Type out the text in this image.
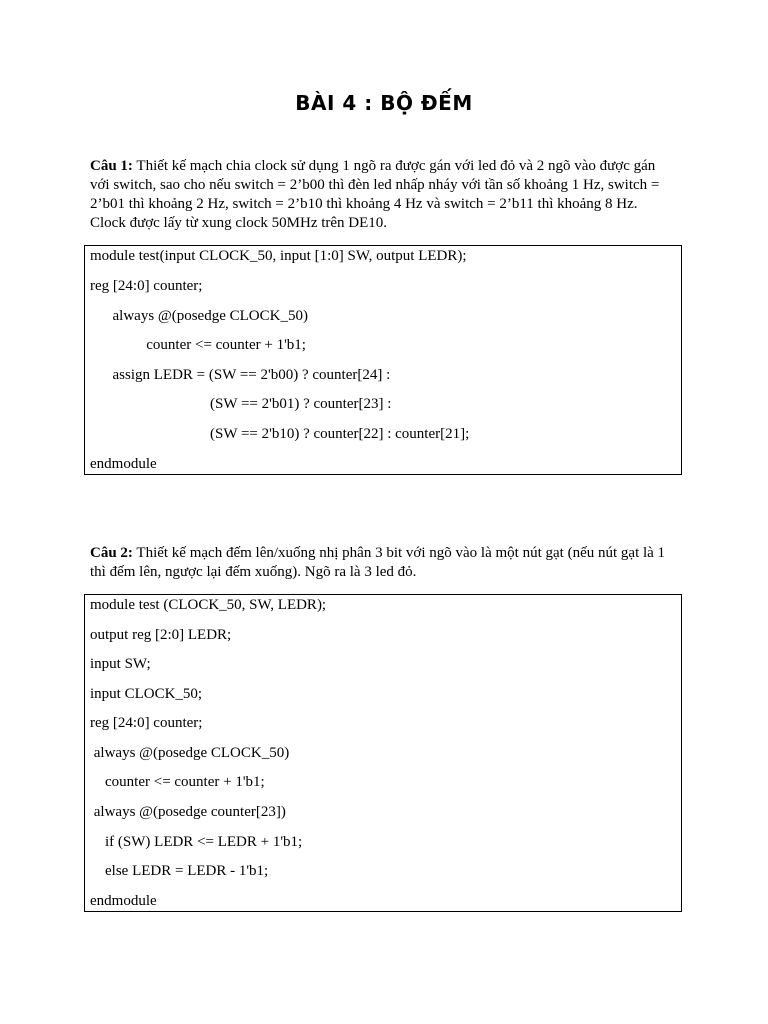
BÀI 4 : BỘ ĐẾM
Câu 1: Thiết kế mạch chia clock sử dụng 1 ngõ ra được gán với led đỏ và 2 ngõ vào được gán với switch, sao cho nếu switch = 2’b00 thì đèn led nhấp nháy với tần số khoảng 1 Hz, switch = 2’b01 thì khoảng 2 Hz, switch = 2’b10 thì khoảng 4 Hz và switch = 2’b11 thì khoảng 8 Hz. Clock được lấy từ xung clock 50MHz trên DE10.
module test(input CLOCK_50, input [1:0] SW, output LEDR);
reg [24:0] counter;
always @(posedge CLOCK_50)
counter <= counter + 1'b1;
assign LEDR = (SW == 2'b00) ? counter[24] :
(SW == 2'b01) ? counter[23] :
(SW == 2'b10) ? counter[22] : counter[21];
endmodule
Câu 2: Thiết kế mạch đếm lên/xuống nhị phân 3 bit với ngõ vào là một nút gạt (nếu nút gạt là 1 thì đếm lên, ngược lại đếm xuống). Ngõ ra là 3 led đỏ.
module test (CLOCK_50, SW, LEDR);
output reg [2:0] LEDR;
input SW;
input CLOCK_50;
reg [24:0] counter;
always @(posedge CLOCK_50)
counter <= counter + 1'b1;
always @(posedge counter[23])
if (SW) LEDR <= LEDR + 1'b1;
else LEDR = LEDR - 1'b1;
endmodule
